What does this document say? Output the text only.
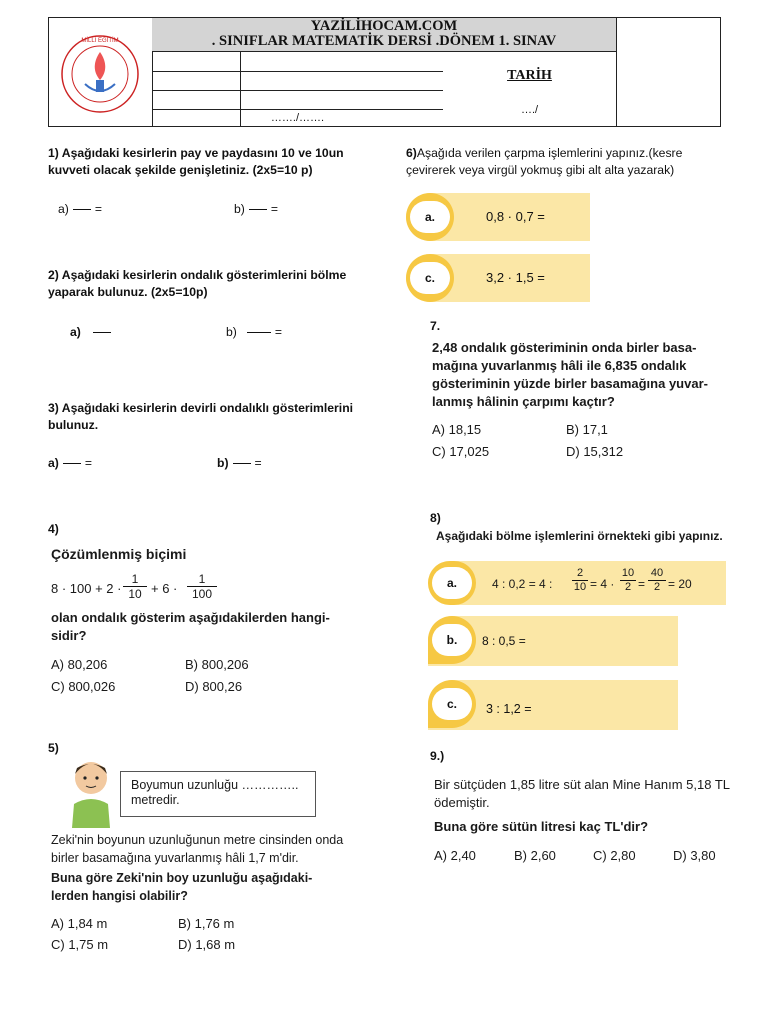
MİLLİ EĞİTİM
YAZİLİHOCAM.COM
. SINIFLAR MATEMATİK DERSİ .DÖNEM 1. SINAV
……./…….
TARİH
…./
1) Aşağıdaki kesirlerin pay ve paydasını 10 ve 10un kuvveti olacak şekilde genişletiniz. (2x5=10 p)
a) =	b) =
2) Aşağıdaki kesirlerin ondalık gösterimlerini bölme yaparak bulunuz. (2x5=10p)
a)	b)	=
3) Aşağıdaki kesirlerin devirli ondalıklı gösterimlerini bulunuz.
a) =	b) =
4)
Çözümlenmiş biçimi
8 · 100 + 2 ·
1
10 + 6 ·
1
100
olan ondalık gösterim aşağıdakilerden hangi- sidir?
A) 80,206	B) 800,206
C) 800,026	D) 800,26
5)
Boyumun uzunluğu ………….. metredir.
Zeki'nin boyunun uzunluğunun metre cinsinden onda birler basamağına yuvarlanmış hâli 1,7 m'dir.
Buna göre Zeki'nin boy uzunluğu aşağıdaki- lerden hangisi olabilir?
A) 1,84 m	B) 1,76 m
C) 1,75 m	D) 1,68 m
6)Aşağıda verilen çarpma işlemlerini yapınız.(kesre çevirerek veya virgül yokmuş gibi alt alta yazarak)
a.	0,8 · 0,7 =
c.	3,2 · 1,5 =
7.
2,48 ondalık gösteriminin onda birler basa- mağına yuvarlanmış hâli ile 6,835 ondalık gösteriminin yüzde birler basamağına yuvar- lanmış hâlinin çarpımı kaçtır?
A) 18,15	B) 17,1
C) 17,025	D) 15,312
8)
Aşağıdaki bölme işlemlerini örnekteki gibi yapınız.
a.	4 : 0,2 = 4 :
2
10 = 4 ·
10
2 =
40
2 = 20
b.	8 : 0,5 =
c.	3 : 1,2 =
9.)
Bir sütçüden 1,85 litre süt alan Mine Hanım 5,18 TL ödemiştir.
Buna göre sütün litresi kaç TL'dir?
A) 2,40	B) 2,60	C) 2,80	D) 3,80
